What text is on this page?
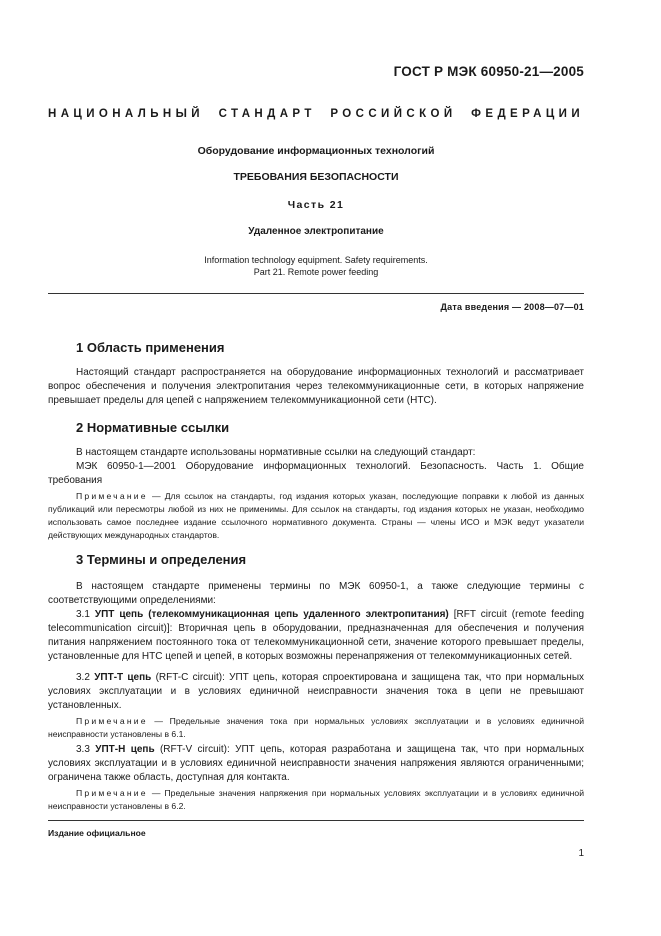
ГОСТ Р МЭК 60950-21—2005
НАЦИОНАЛЬНЫЙ СТАНДАРТ РОССИЙСКОЙ ФЕДЕРАЦИИ
Оборудование информационных технологий
ТРЕБОВАНИЯ БЕЗОПАСНОСТИ
Часть 21
Удаленное электропитание
Information technology equipment. Safety requirements.
Part 21. Remote power feeding
Дата введения — 2008—07—01
1 Область применения

Настоящий стандарт распространяется на оборудование информационных технологий и рассматривает вопрос обеспечения и получения электропитания через телекоммуникационные сети, в которых напряжение превышает пределы для цепей с напряжением телекоммуникационной сети (НТС).

2 Нормативные ссылки

В настоящем стандарте использованы нормативные ссылки на следующий стандарт:

МЭК 60950-1—2001 Оборудование информационных технологий. Безопасность. Часть 1. Общие требования

Примечание — Для ссылок на стандарты, год издания которых указан, последующие поправки к любой из данных публикаций или пересмотры любой из них не применимы. Для ссылок на стандарты, год издания которых не указан, необходимо использовать самое последнее издание ссылочного нормативного документа. Страны — члены ИСО и МЭК ведут указатели действующих международных стандартов.

3 Термины и определения

В настоящем стандарте применены термины по МЭК 60950-1, а также следующие термины с соответствующими определениями:

3.1 УПТ цепь (телекоммуникационная цепь удаленного электропитания) [RFT circuit (remote feeding telecommunication circuit)]: Вторичная цепь в оборудовании, предназначенная для обеспечения и получения питания напряжением постоянного тока от телекоммуникационной сети, значение которого превышает пределы, установленные для НТС цепей и цепей, в которых возможны перенапряжения от телекоммуникационных сетей.

3.2 УПТ-Т цепь (RFT-C circuit): УПТ цепь, которая спроектирована и защищена так, что при нормальных условиях эксплуатации и в условиях единичной неисправности значения тока в цепи не превышают установленных.

Примечание — Предельные значения тока при нормальных условиях эксплуатации и в условиях единичной неисправности установлены в 6.1.

3.3 УПТ-Н цепь (RFT-V circuit): УПТ цепь, которая разработана и защищена так, что при нормальных условиях эксплуатации и в условиях единичной неисправности значения напряжения являются ограниченными; ограничена также область, доступная для контакта.

Примечание — Предельные значения напряжения при нормальных условиях эксплуатации и в условиях единичной неисправности установлены в 6.2.

Издание официальное
1
